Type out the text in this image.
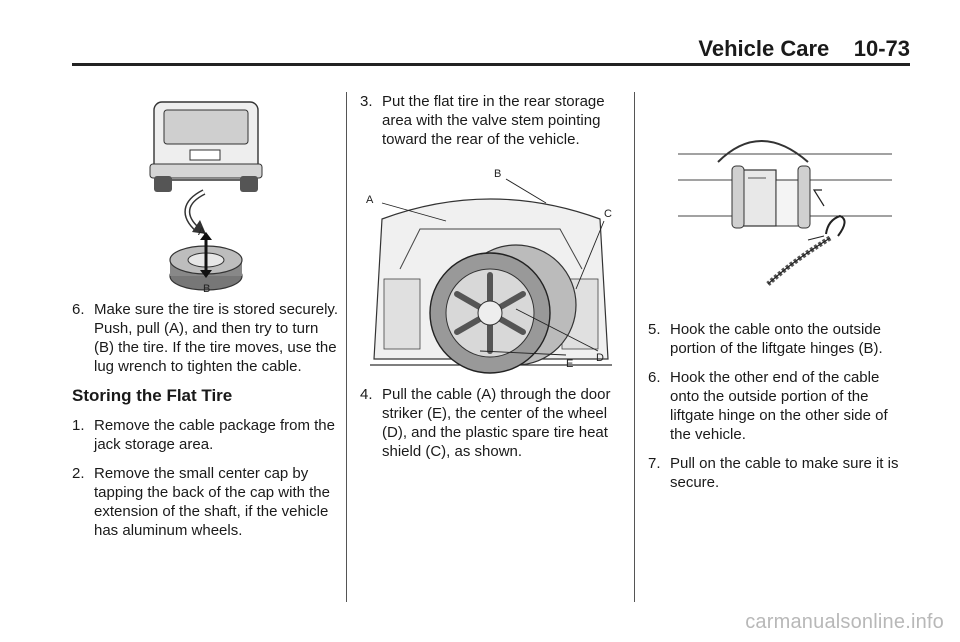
Vehicle Care 10-73
A
B
6. Make sure the tire is stored securely. Push, pull (A), and then try to turn (B) the tire. If the tire moves, use the lug wrench to tighten the cable.
Storing the Flat Tire
1. Remove the cable package from the jack storage area.
2. Remove the small center cap by tapping the back of the cap with the extension of the shaft, if the vehicle has aluminum wheels.
3. Put the flat tire in the rear storage area with the valve stem pointing toward the rear of the vehicle.
A
B
C
D
E
4. Pull the cable (A) through the door striker (E), the center of the wheel (D), and the plastic spare tire heat shield (C), as shown.
5. Hook the cable onto the outside portion of the liftgate hinges (B).
6. Hook the other end of the cable onto the outside portion of the liftgate hinge on the other side of the vehicle.
7. Pull on the cable to make sure it is secure.
carmanualsonline.info
